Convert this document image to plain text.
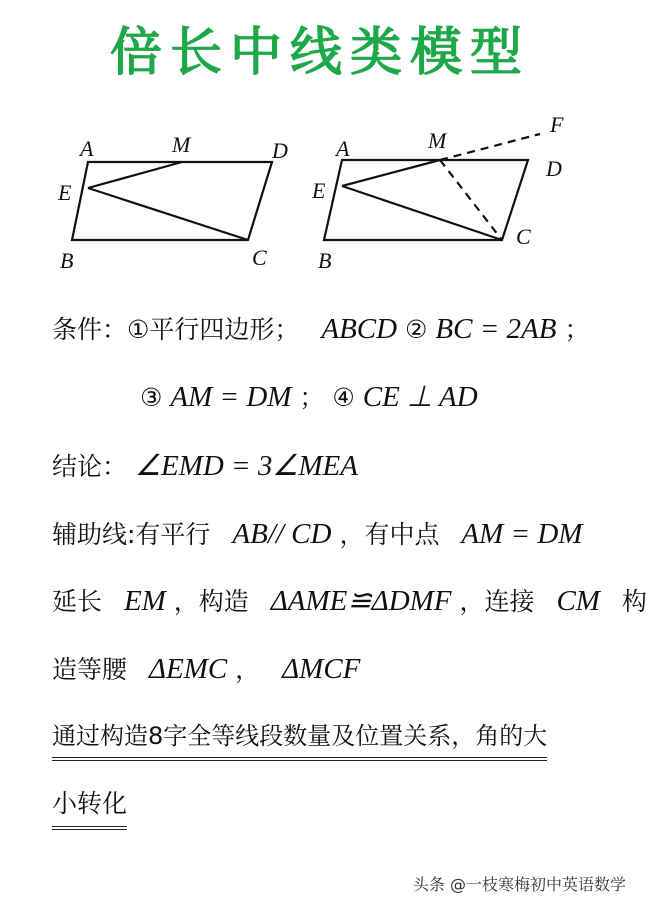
倍长中线类模型
A	M	D
E
B	C
A	M
F
D
E
B
C
条件：①平行四边形； ABCD ② BC = 2AB ；
③ AM = DM ； ④ CE ⊥ AD
结论： ∠EMD = 3∠MEA
辅助线:有平行 AB// CD ，有中点 AM = DM
延长 EM ，构造 ΔAME≌ΔDMF ，连接 CM 构
造等腰 ΔEMC ， ΔMCF
通过构造8字全等线段数量及位置关系，角的大
小转化
头条 @一枝寒梅初中英语数学
